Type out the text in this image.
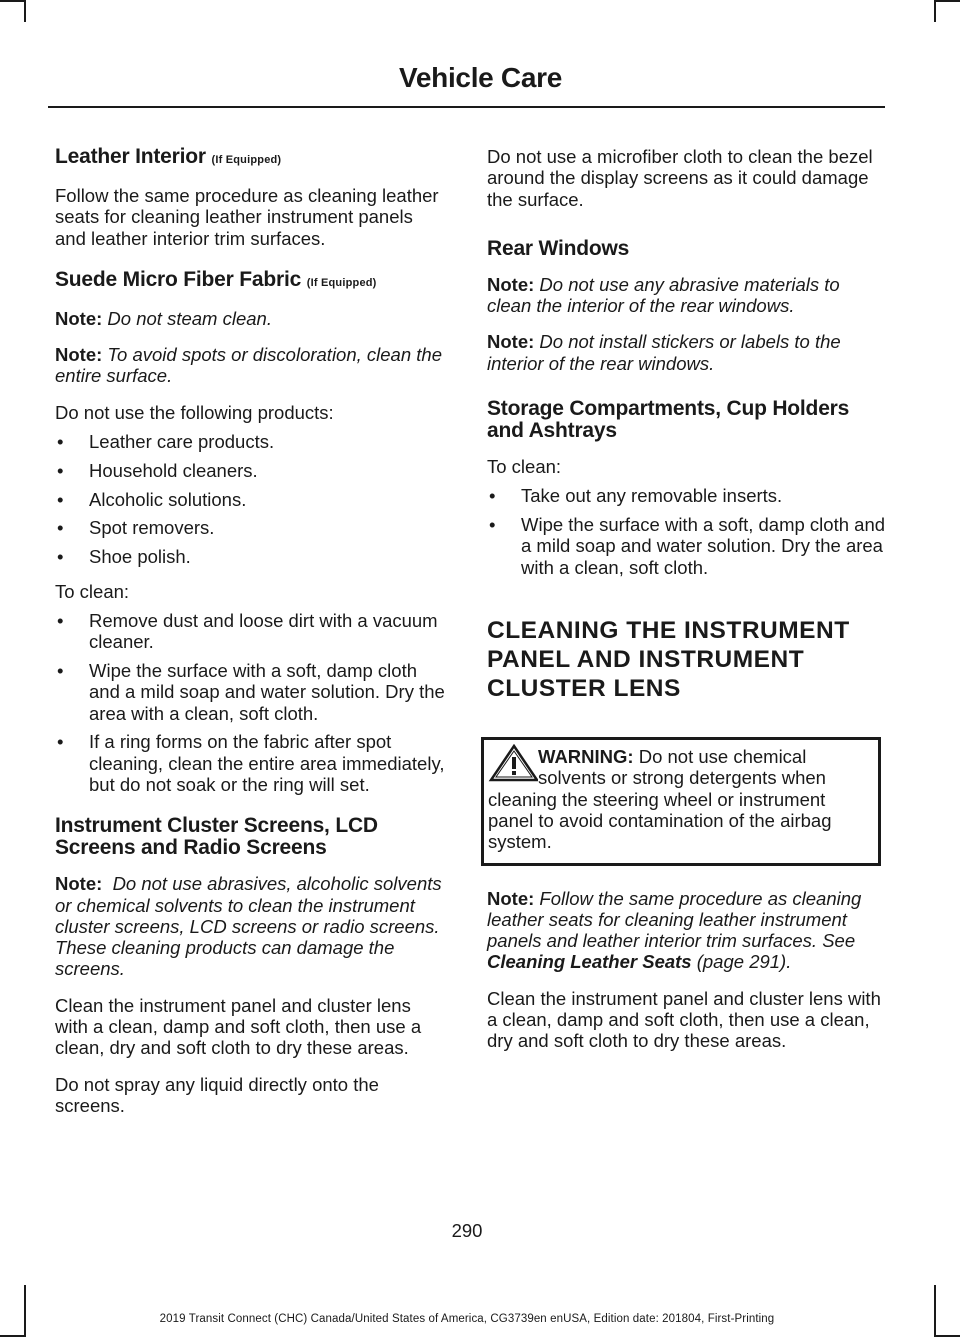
Vehicle Care
Leather Interior (If Equipped)

Follow the same procedure as cleaning leather seats for cleaning leather instrument panels and leather interior trim surfaces.

Suede Micro Fiber Fabric (If Equipped)

Note: Do not steam clean.

Note: To avoid spots or discoloration, clean the entire surface.

Do not use the following products:

• Leather care products.
• Household cleaners.
• Alcoholic solutions.
• Spot removers.
• Shoe polish.

To clean:

• Remove dust and loose dirt with a vacuum cleaner.
• Wipe the surface with a soft, damp cloth and a mild soap and water solution. Dry the area with a clean, soft cloth.
• If a ring forms on the fabric after spot cleaning, clean the entire area immediately, but do not soak or the ring will set.
Instrument Cluster Screens, LCD Screens and Radio Screens

Note: Do not use abrasives, alcoholic solvents or chemical solvents to clean the instrument cluster screens, LCD screens or radio screens. These cleaning products can damage the screens.

Clean the instrument panel and cluster lens with a clean, damp and soft cloth, then use a clean, dry and soft cloth to dry these areas.

Do not spray any liquid directly onto the screens.

Do not use a microfiber cloth to clean the bezel around the display screens as it could damage the surface.

Rear Windows

Note: Do not use any abrasive materials to clean the interior of the rear windows.

Note: Do not install stickers or labels to the interior of the rear windows.

Storage Compartments, Cup Holders and Ashtrays

To clean:

• Take out any removable inserts.
• Wipe the surface with a soft, damp cloth and a mild soap and water solution. Dry the area with a clean, soft cloth.
CLEANING THE INSTRUMENT
PANEL AND INSTRUMENT
CLUSTER LENS
WARNING: Do not use chemical solvents or strong detergents when cleaning the steering wheel or instrument panel to avoid contamination of the airbag system.

Note: Follow the same procedure as cleaning leather seats for cleaning leather instrument panels and leather interior trim surfaces. See Cleaning Leather Seats (page 291).

Clean the instrument panel and cluster lens with a clean, damp and soft cloth, then use a clean, dry and soft cloth to dry these areas.

290
2019 Transit Connect (CHC) Canada/United States of America, CG3739en enUSA, Edition date: 201804, First-Printing
